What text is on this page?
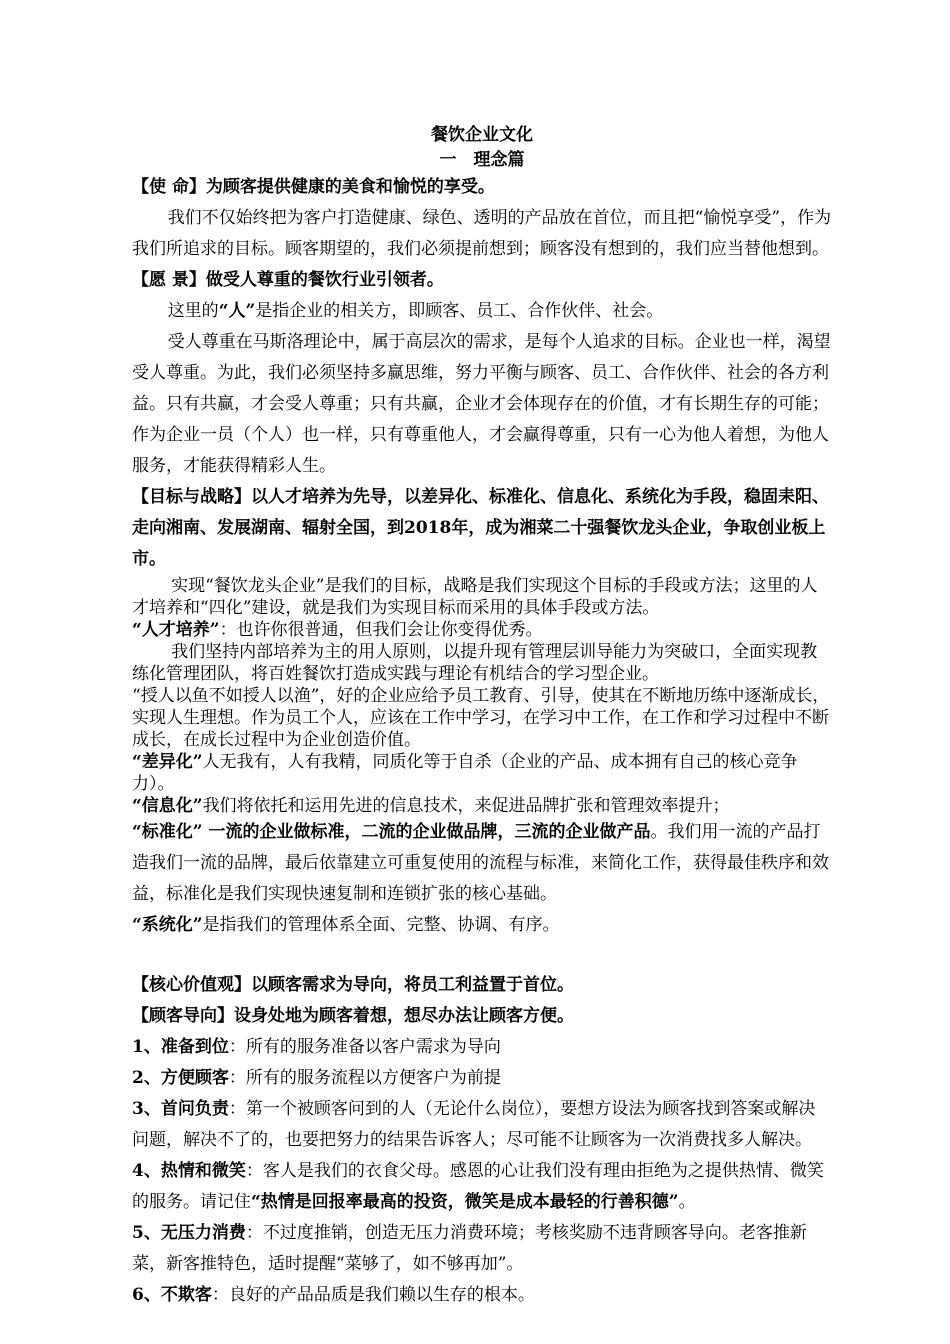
餐饮企业文化

一　理念篇

【使 命】为顾客提供健康的美食和愉悦的享受。

我们不仅始终把为客户打造健康、绿色、透明的产品放在首位，而且把“愉悦享受”，作为我们所追求的目标。顾客期望的，我们必须提前想到；顾客没有想到的，我们应当替他想到。

【愿 景】做受人尊重的餐饮行业引领者。

这里的“人”是指企业的相关方，即顾客、员工、合作伙伴、社会。

受人尊重在马斯洛理论中，属于高层次的需求，是每个人追求的目标。企业也一样，渴望受人尊重。为此，我们必须坚持多赢思维，努力平衡与顾客、员工、合作伙伴、社会的各方利益。只有共赢，才会受人尊重；只有共赢，企业才会体现存在的价值，才有长期生存的可能；作为企业一员（个人）也一样，只有尊重他人，才会赢得尊重，只有一心为他人着想，为他人服务，才能获得精彩人生。

【目标与战略】以人才培养为先导，以差异化、标准化、信息化、系统化为手段，稳固耒阳、走向湘南、发展湖南、辐射全国，到2018年，成为湘菜二十强餐饮龙头企业，争取创业板上市。

实现“餐饮龙头企业”是我们的目标，战略是我们实现这个目标的手段或方法；这里的人才培养和“四化”建设，就是我们为实现目标而采用的具体手段或方法。

“人才培养”：也许你很普通，但我们会让你变得优秀。

我们坚持内部培养为主的用人原则，以提升现有管理层训导能力为突破口，全面实现教练化管理团队，将百姓餐饮打造成实践与理论有机结合的学习型企业。

“授人以鱼不如授人以渔”，好的企业应给予员工教育、引导，使其在不断地历练中逐渐成长，实现人生理想。作为员工个人，应该在工作中学习，在学习中工作，在工作和学习过程中不断成长，在成长过程中为企业创造价值。

“差异化”人无我有，人有我精，同质化等于自杀（企业的产品、成本拥有自己的核心竞争力）。

“信息化”我们将依托和运用先进的信息技术，来促进品牌扩张和管理效率提升；

“标准化” 一流的企业做标准，二流的企业做品牌，三流的企业做产品。我们用一流的产品打造我们一流的品牌，最后依靠建立可重复使用的流程与标准，来简化工作，获得最佳秩序和效益，标准化是我们实现快速复制和连锁扩张的核心基础。

“系统化”是指我们的管理体系全面、完整、协调、有序。

【核心价值观】以顾客需求为导向，将员工利益置于首位。

【顾客导向】设身处地为顾客着想，想尽办法让顾客方便。

1、准备到位：所有的服务准备以客户需求为导向

2、方便顾客：所有的服务流程以方便客户为前提

3、首问负责：第一个被顾客问到的人（无论什么岗位），要想方设法为顾客找到答案或解决问题，解决不了的，也要把努力的结果告诉客人；尽可能不让顾客为一次消费找多人解决。

4、热情和微笑：客人是我们的衣食父母。感恩的心让我们没有理由拒绝为之提供热情、微笑的服务。请记住“热情是回报率最高的投资，微笑是成本最轻的行善积德”。

5、无压力消费：不过度推销，创造无压力消费环境；考核奖励不违背顾客导向。老客推新菜，新客推特色，适时提醒“菜够了，如不够再加”。

6、不欺客：良好的产品品质是我们赖以生存的根本。
